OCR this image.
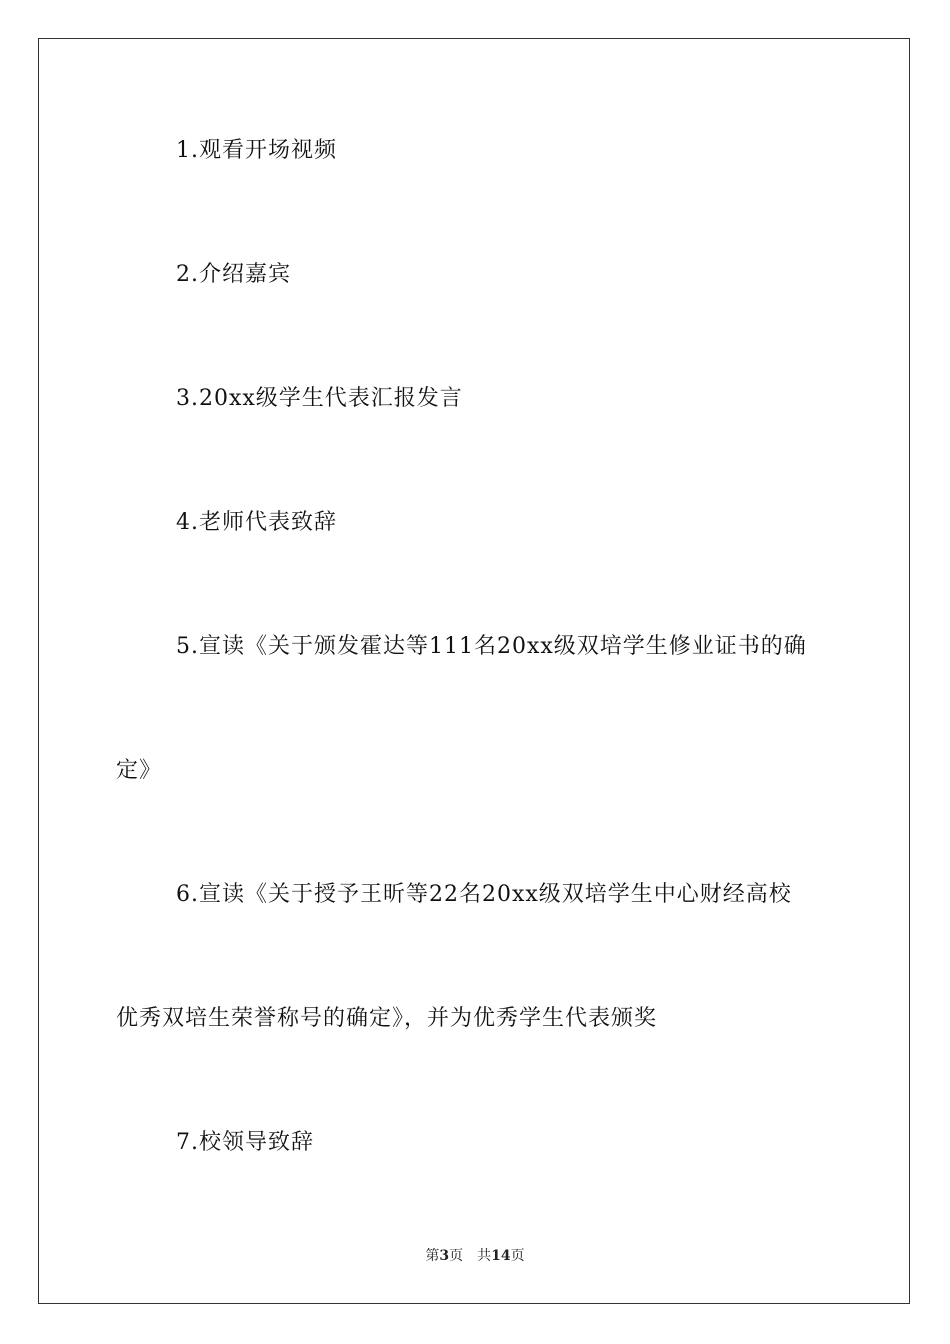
1.观看开场视频
2.介绍嘉宾
3.20xx级学生代表汇报发言
4.老师代表致辞
5.宣读《关于颁发霍达等111名20xx级双培学生修业证书的确
定》
6.宣读《关于授予王昕等22名20xx级双培学生中心财经高校
优秀双培生荣誉称号的确定》，并为优秀学生代表颁奖
7.校领导致辞
第3页 共14页
